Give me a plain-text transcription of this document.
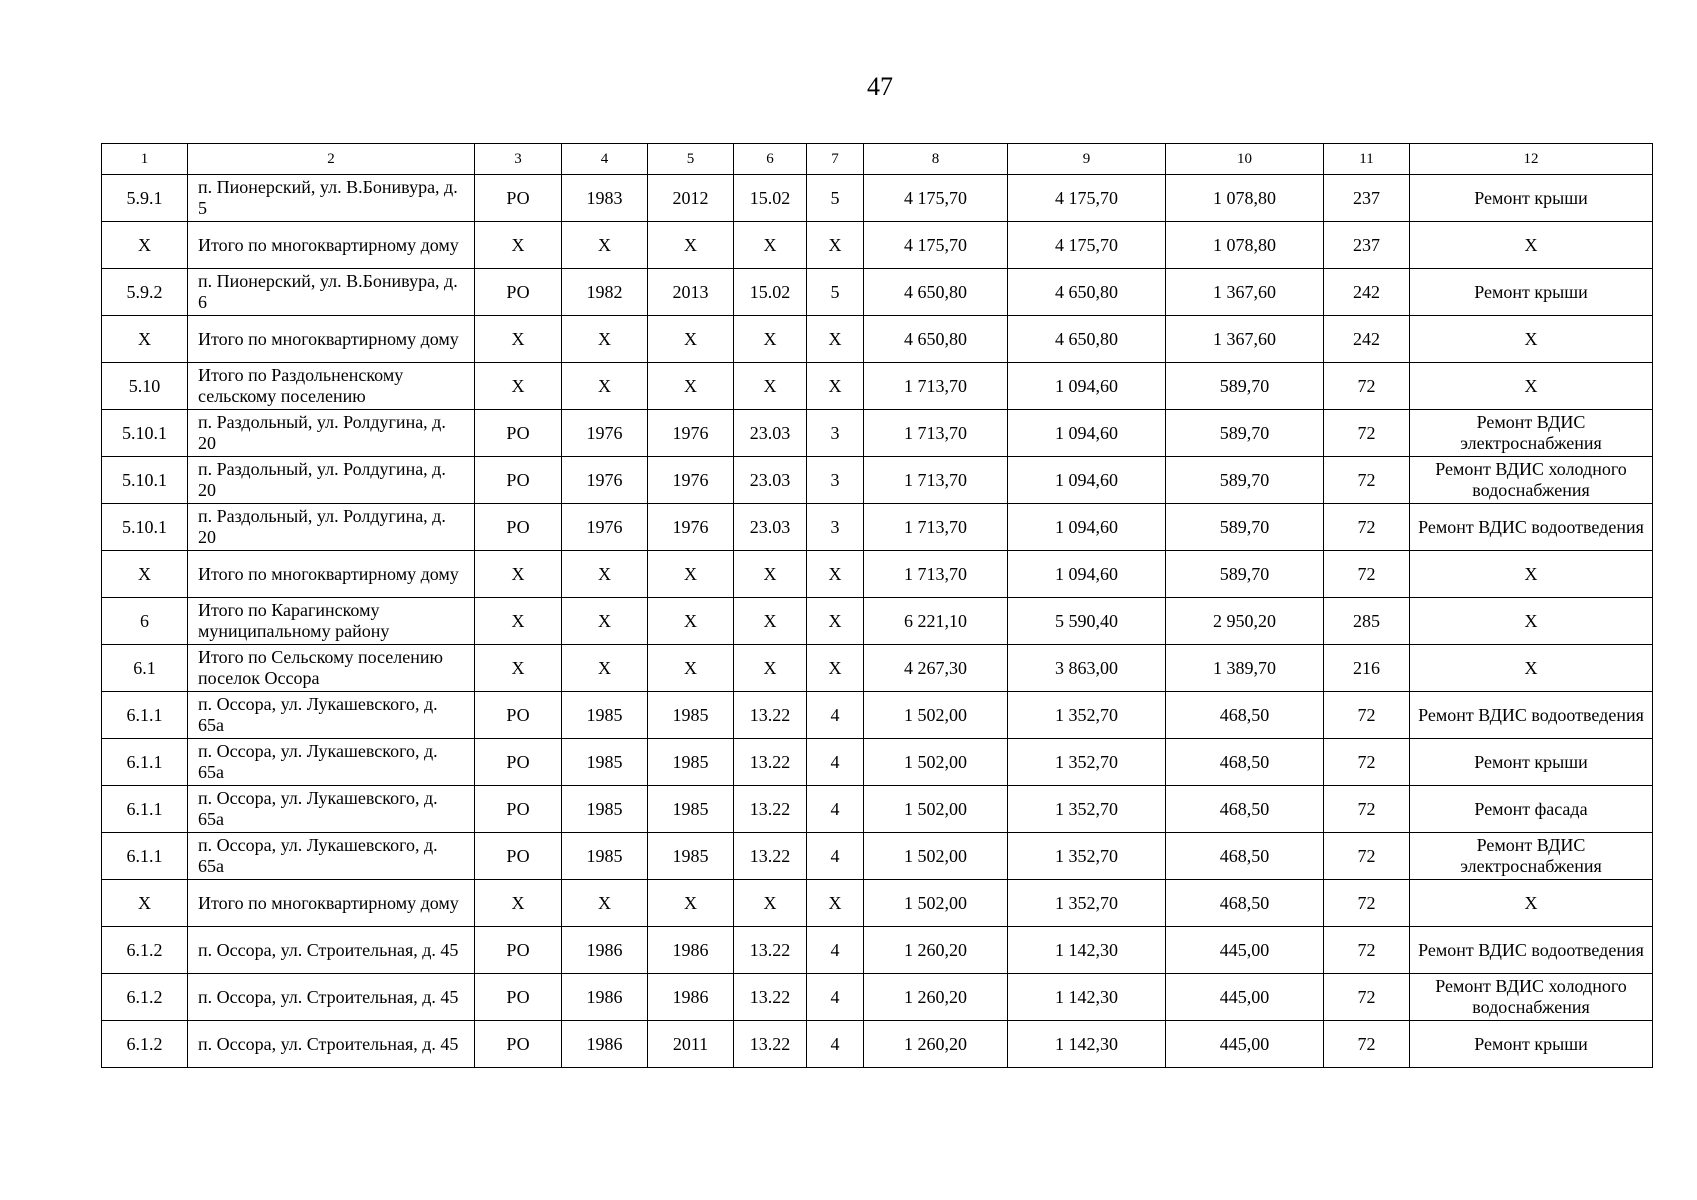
47
1	2	3	4	5	6	7	8	9	10	11	12
5.9.1	п. Пионерский, ул. В.Бонивура, д. 5	РО	1983	2012	15.02	5	4 175,70	4 175,70	1 078,80	237	Ремонт крыши
Х	Итого по многоквартирному дому	Х	Х	Х	Х	Х	4 175,70	4 175,70	1 078,80	237	Х
5.9.2	п. Пионерский, ул. В.Бонивура, д. 6	РО	1982	2013	15.02	5	4 650,80	4 650,80	1 367,60	242	Ремонт крыши
Х	Итого по многоквартирному дому	Х	Х	Х	Х	Х	4 650,80	4 650,80	1 367,60	242	Х
5.10	Итого по Раздольненскому сельскому поселению	Х	Х	Х	Х	Х	1 713,70	1 094,60	589,70	72	Х
5.10.1	п. Раздольный, ул. Ролдугина, д. 20	РО	1976	1976	23.03	3	1 713,70	1 094,60	589,70	72	Ремонт ВДИС электроснабжения
5.10.1	п. Раздольный, ул. Ролдугина, д. 20	РО	1976	1976	23.03	3	1 713,70	1 094,60	589,70	72	Ремонт ВДИС холодного водоснабжения
5.10.1	п. Раздольный, ул. Ролдугина, д. 20	РО	1976	1976	23.03	3	1 713,70	1 094,60	589,70	72	Ремонт ВДИС водоотведения
Х	Итого по многоквартирному дому	Х	Х	Х	Х	Х	1 713,70	1 094,60	589,70	72	Х
6	Итого по Карагинскому муниципальному району	Х	Х	Х	Х	Х	6 221,10	5 590,40	2 950,20	285	Х
6.1	Итого по Сельскому поселению поселок Оссора	Х	Х	Х	Х	Х	4 267,30	3 863,00	1 389,70	216	Х
6.1.1	п. Оссора, ул. Лукашевского, д. 65а	РО	1985	1985	13.22	4	1 502,00	1 352,70	468,50	72	Ремонт ВДИС водоотведения
6.1.1	п. Оссора, ул. Лукашевского, д. 65а	РО	1985	1985	13.22	4	1 502,00	1 352,70	468,50	72	Ремонт крыши
6.1.1	п. Оссора, ул. Лукашевского, д. 65а	РО	1985	1985	13.22	4	1 502,00	1 352,70	468,50	72	Ремонт фасада
6.1.1	п. Оссора, ул. Лукашевского, д. 65а	РО	1985	1985	13.22	4	1 502,00	1 352,70	468,50	72	Ремонт ВДИС электроснабжения
Х	Итого по многоквартирному дому	Х	Х	Х	Х	Х	1 502,00	1 352,70	468,50	72	Х
6.1.2	п. Оссора, ул. Строительная, д. 45	РО	1986	1986	13.22	4	1 260,20	1 142,30	445,00	72	Ремонт ВДИС водоотведения
6.1.2	п. Оссора, ул. Строительная, д. 45	РО	1986	1986	13.22	4	1 260,20	1 142,30	445,00	72	Ремонт ВДИС холодного водоснабжения
6.1.2	п. Оссора, ул. Строительная, д. 45	РО	1986	2011	13.22	4	1 260,20	1 142,30	445,00	72	Ремонт крыши
